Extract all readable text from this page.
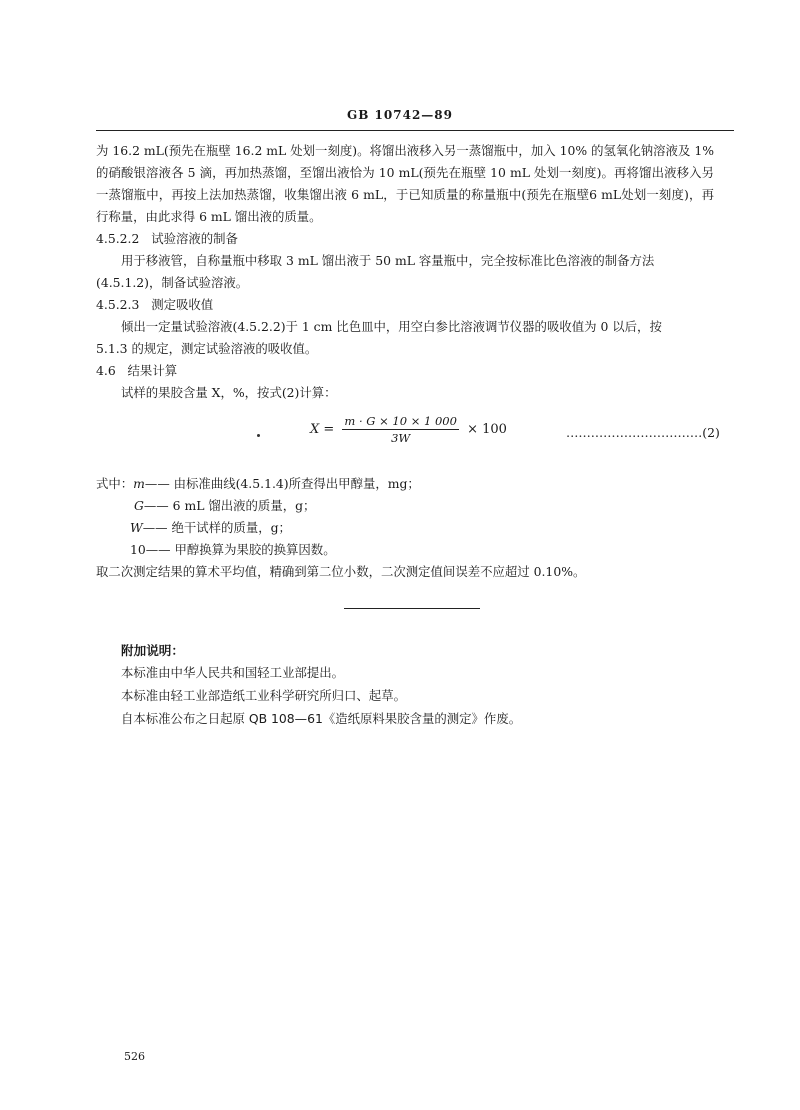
GB 10742—89
为 16.2 mL(预先在瓶壁 16.2 mL 处划一刻度)。将馏出液移入另一蒸馏瓶中，加入 10% 的氢氧化钠溶液及 1% 的硝酸银溶液各 5 滴，再加热蒸馏，至馏出液恰为 10 mL(预先在瓶壁 10 mL 处划一刻度)。再将馏出液移入另一蒸馏瓶中，再按上法加热蒸馏，收集馏出液 6 mL，于已知质量的称量瓶中(预先在瓶壁6 mL处划一刻度)，再行称量，由此求得 6 mL 馏出液的质量。
4.5.2.2 试验溶液的制备
用于移液管，自称量瓶中移取 3 mL 馏出液于 50 mL 容量瓶中，完全按标准比色溶液的制备方法
(4.5.1.2)，制备试验溶液。
4.5.2.3 测定吸收值
倾出一定量试验溶液(4.5.2.2)于 1 cm 比色皿中，用空白参比溶液调节仪器的吸收值为 0 以后，按
5.1.3 的规定，测定试验溶液的吸收值。
4.6 结果计算
试样的果胶含量 X，%，按式(2)计算：
$X = \frac{m \cdot G \times 10 \times 1 000}{3W} \times 100$	……………………………(2)
式中：m—— 由标准曲线(4.5.1.4)所查得出甲醇量，mg；
G—— 6 mL 馏出液的质量，g；
W—— 绝干试样的质量，g；
10—— 甲醇换算为果胶的换算因数。
取二次测定结果的算术平均值，精确到第二位小数，二次测定值间误差不应超过 0.10%。
附加说明：
本标准由中华人民共和国轻工业部提出。
本标准由轻工业部造纸工业科学研究所归口、起草。
自本标准公布之日起原 QB 108—61《造纸原料果胶含量的测定》作废。
526
